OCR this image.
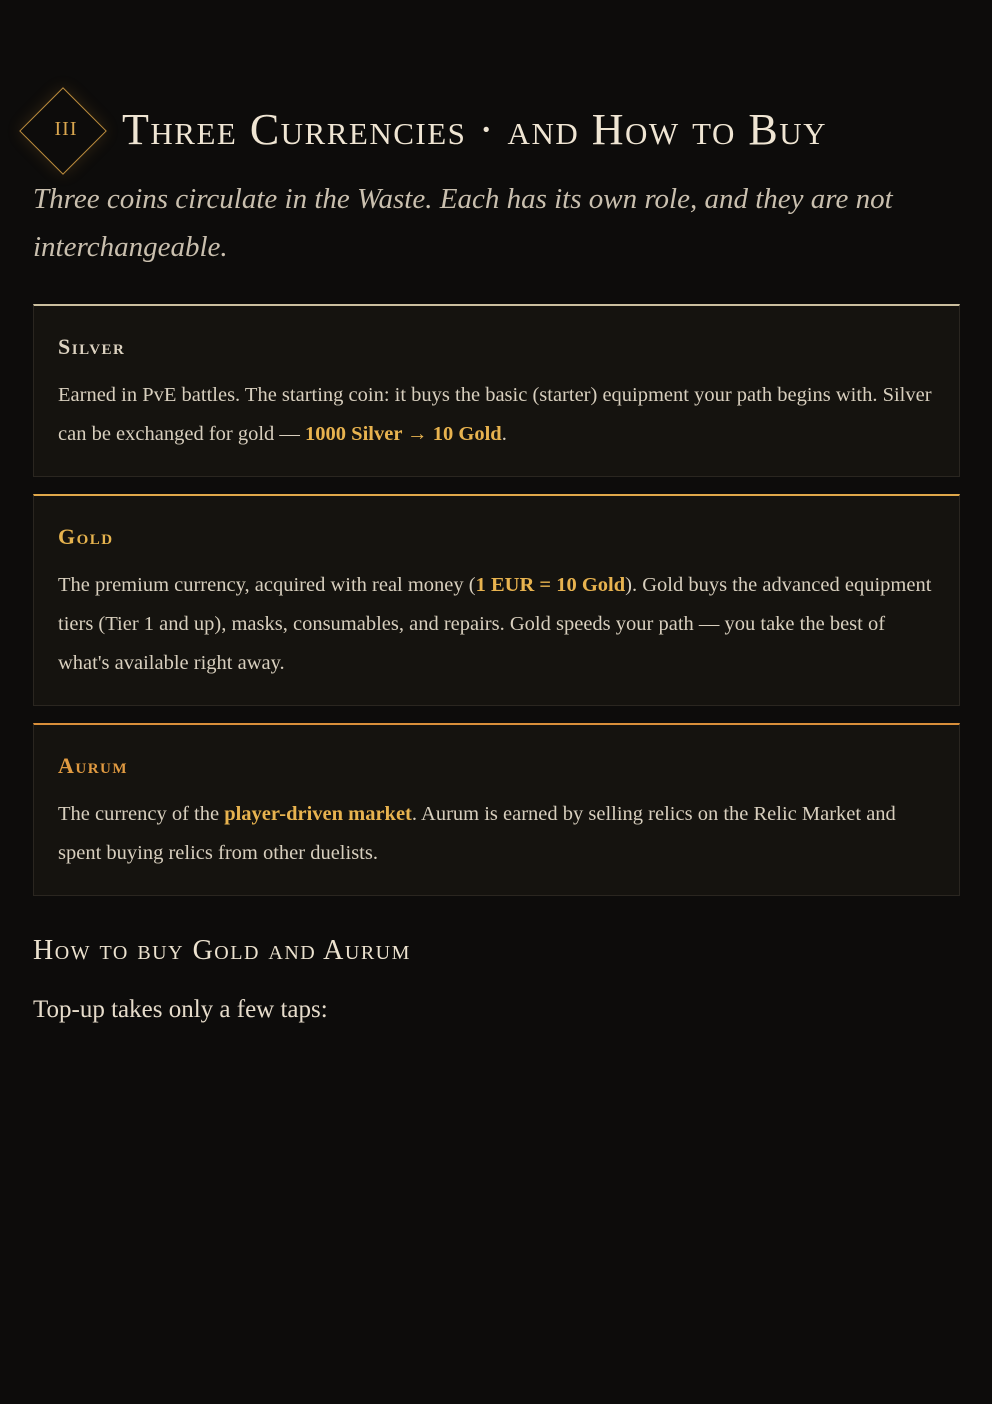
III	Three Currencies · and How to Buy

Three coins circulate in the Waste. Each has its own role, and they are not interchangeable.

Silver

Earned in PvE battles. The starting coin: it buys the basic (starter) equipment your path begins with. Silver can be exchanged for gold — 1000 Silver → 10 Gold.

Gold

The premium currency, acquired with real money (1 EUR = 10 Gold). Gold buys the advanced equipment tiers (Tier 1 and up), masks, consumables, and repairs. Gold speeds your path — you take the best of what's available right away.

Aurum

The currency of the player-driven market. Aurum is earned by selling relics on the Relic Market and spent buying relics from other duelists.

How to buy Gold and Aurum

Top-up takes only a few taps:
